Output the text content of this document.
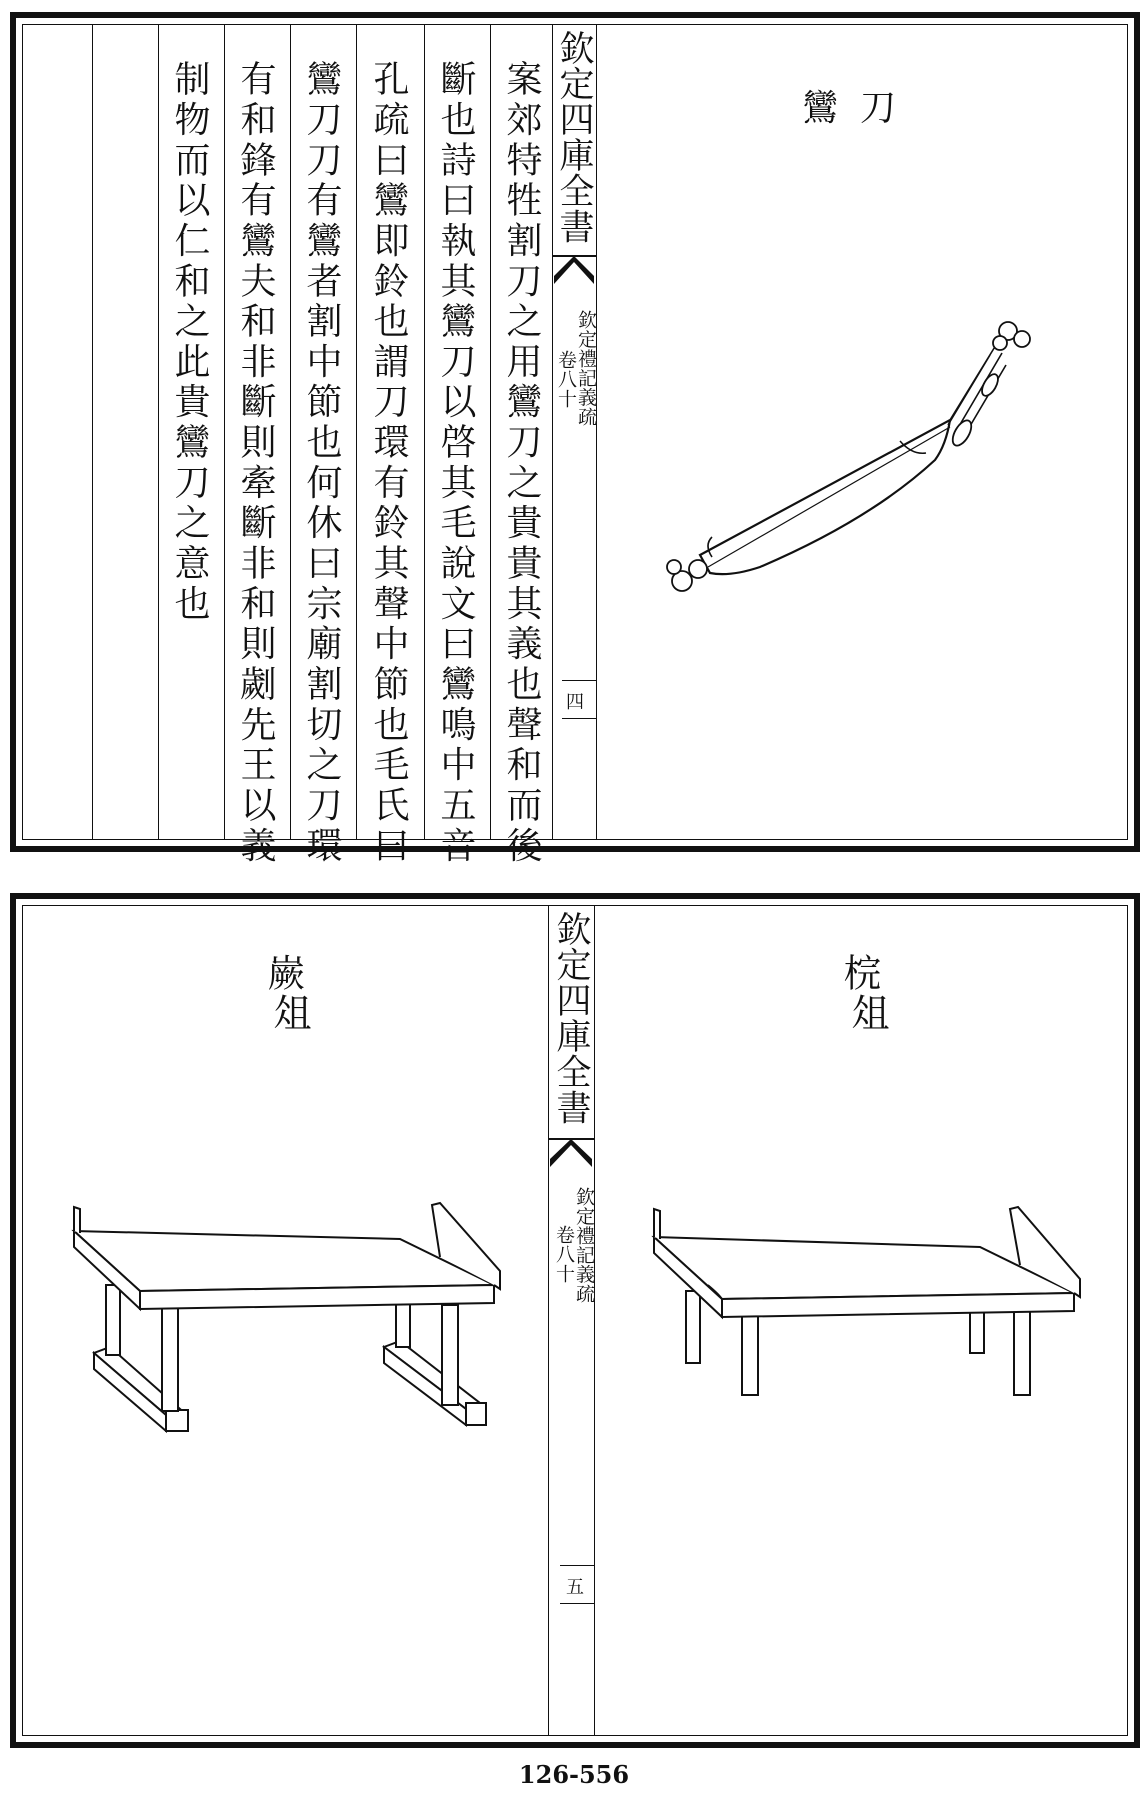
欽定四庫全書
欽定禮記義疏
卷八十
四
鸞刀
案郊特牲割刀之用鸞刀之貴貴其義也聲和而後
斷也詩曰執其鸞刀以啓其毛說文曰鸞鳴中五音
孔疏曰鸞即鈴也謂刀環有鈴其聲中節也毛氏曰
鸞刀刀有鸞者割中節也何休曰宗廟割切之刀環
有和鋒有鸞夫和非斷則牽斷非和則劌先王以義
制物而以仁和之此貴鸞刀之意也
欽定四庫全書
欽定禮記義疏
卷八十
五
梡
俎
嶡
俎
126-556
